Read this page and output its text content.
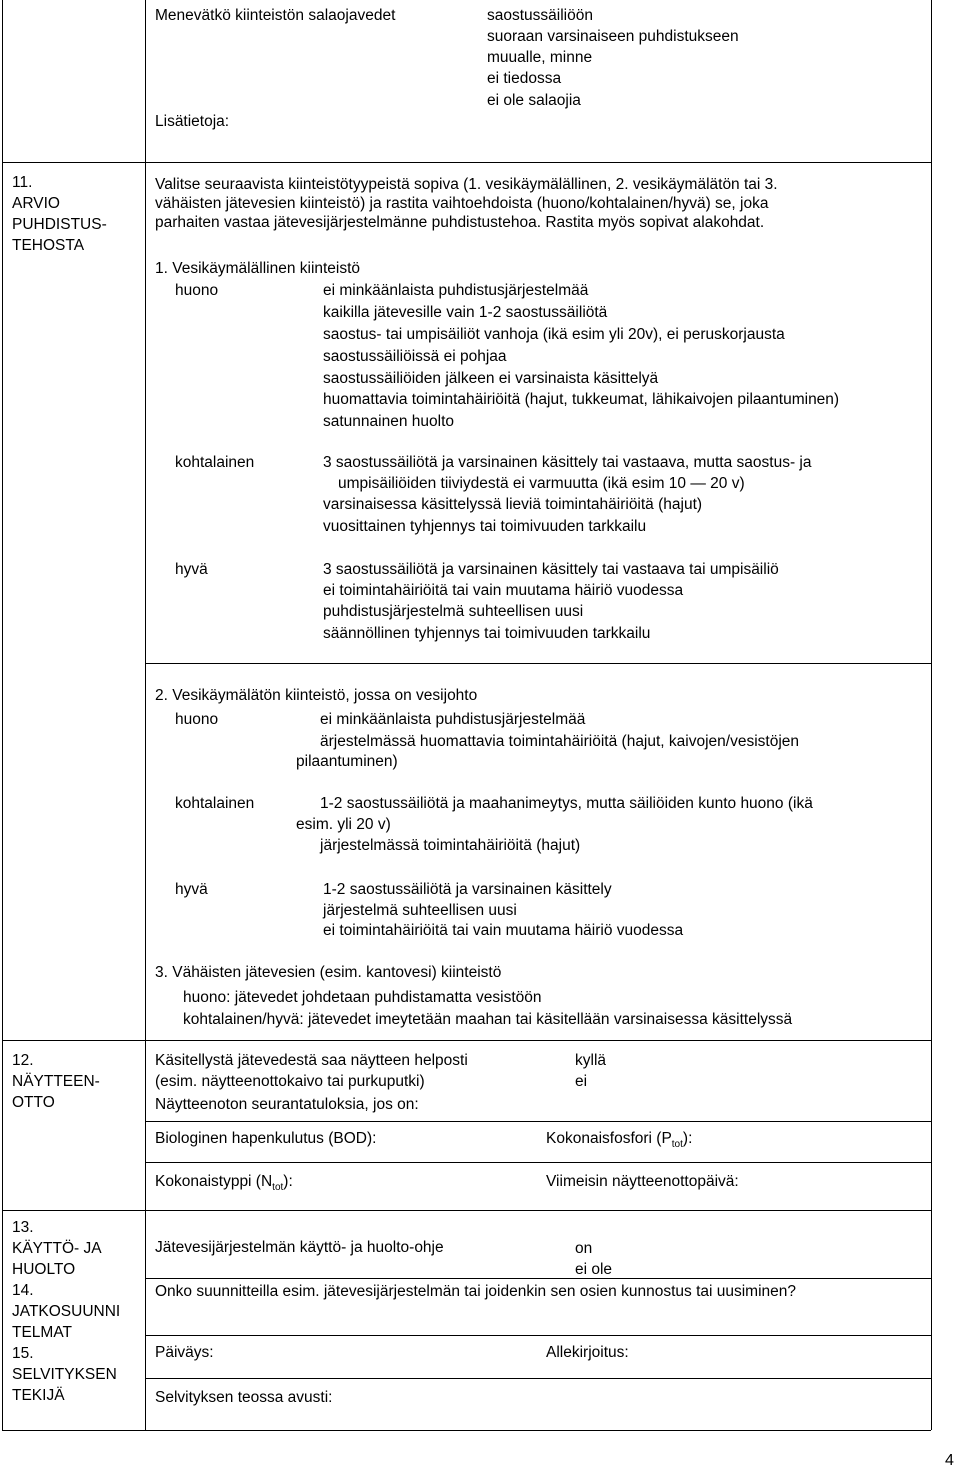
Menevätkö kiinteistön salaojavedet	saostussäiliöön
suoraan varsinaiseen puhdistukseen
muualle, minne
ei tiedossa
ei ole salaojia
Lisätietoja:
11.
ARVIO
PUHDISTUS-
TEHOSTA
Valitse seuraavista kiinteistötyypeistä sopiva (1. vesikäymälällinen, 2. vesikäymälätön tai 3.
vähäisten jätevesien kiinteistö) ja rastita vaihtoehdoista (huono/kohtalainen/hyvä) se, joka
parhaiten vastaa jätevesijärjestelmänne puhdistustehoa. Rastita myös sopivat alakohdat.
1. Vesikäymälällinen kiinteistö
huono	ei minkäänlaista puhdistusjärjestelmää
kaikilla jätevesille vain 1-2 saostussäiliötä
saostus- tai umpisäiliöt vanhoja (ikä esim yli 20v), ei peruskorjausta
saostussäiliöissä ei pohjaa
saostussäiliöiden jälkeen ei varsinaista käsittelyä
huomattavia toimintahäiriöitä (hajut, tukkeumat, lähikaivojen pilaantuminen)
satunnainen huolto
kohtalainen	3 saostussäiliötä ja varsinainen käsittely tai vastaava, mutta saostus- ja
umpisäiliöiden tiiviydestä ei varmuutta (ikä esim 10 — 20 v)
varsinaisessa käsittelyssä lieviä toimintahäiriöitä (hajut)
vuosittainen tyhjennys tai toimivuuden tarkkailu
hyvä	3 saostussäiliötä ja varsinainen käsittely tai vastaava tai umpisäiliö
ei toimintahäiriöitä tai vain muutama häiriö vuodessa
puhdistusjärjestelmä suhteellisen uusi
säännöllinen tyhjennys tai toimivuuden tarkkailu
2. Vesikäymälätön kiinteistö, jossa on vesijohto
huono	ei minkäänlaista puhdistusjärjestelmää
ärjestelmässä huomattavia toimintahäiriöitä (hajut, kaivojen/vesistöjen
pilaantuminen)
kohtalainen	1-2 saostussäiliötä ja maahanimeytys, mutta säiliöiden kunto huono (ikä
esim. yli 20 v)
järjestelmässä toimintahäiriöitä (hajut)
hyvä	1-2 saostussäiliötä ja varsinainen käsittely
järjestelmä suhteellisen uusi
ei toimintahäiriöitä tai vain muutama häiriö vuodessa
3. Vähäisten jätevesien (esim. kantovesi) kiinteistö
huono: jätevedet johdetaan puhdistamatta vesistöön
kohtalainen/hyvä: jätevedet imeytetään maahan tai käsitellään varsinaisessa käsittelyssä
12.
NÄYTTEEN-
OTTO
Käsitellystä jätevedestä saa näytteen helposti
(esim. näytteenottokaivo tai purkuputki)
kyllä
ei
Näytteenoton seurantatuloksia, jos on:
Biologinen hapenkulutus (BOD):	Kokonaisfosfori $(P_{tot})$:
Kokonaistyppi $(N_{tot})$:	Viimeisin näytteenottopäivä:
13.
KÄYTTÖ- JA
HUOLTO
14.
JATKOSUUNNI
TELMAT
15.
SELVITYKSEN
TEKIJÄ
Jätevesijärjestelmän käyttö- ja huolto-ohje	on
ei ole
Onko suunnitteilla esim. jätevesijärjestelmän tai joidenkin sen osien kunnostus tai uusiminen?
Päiväys:	Allekirjoitus:
Selvityksen teossa avusti:
4
